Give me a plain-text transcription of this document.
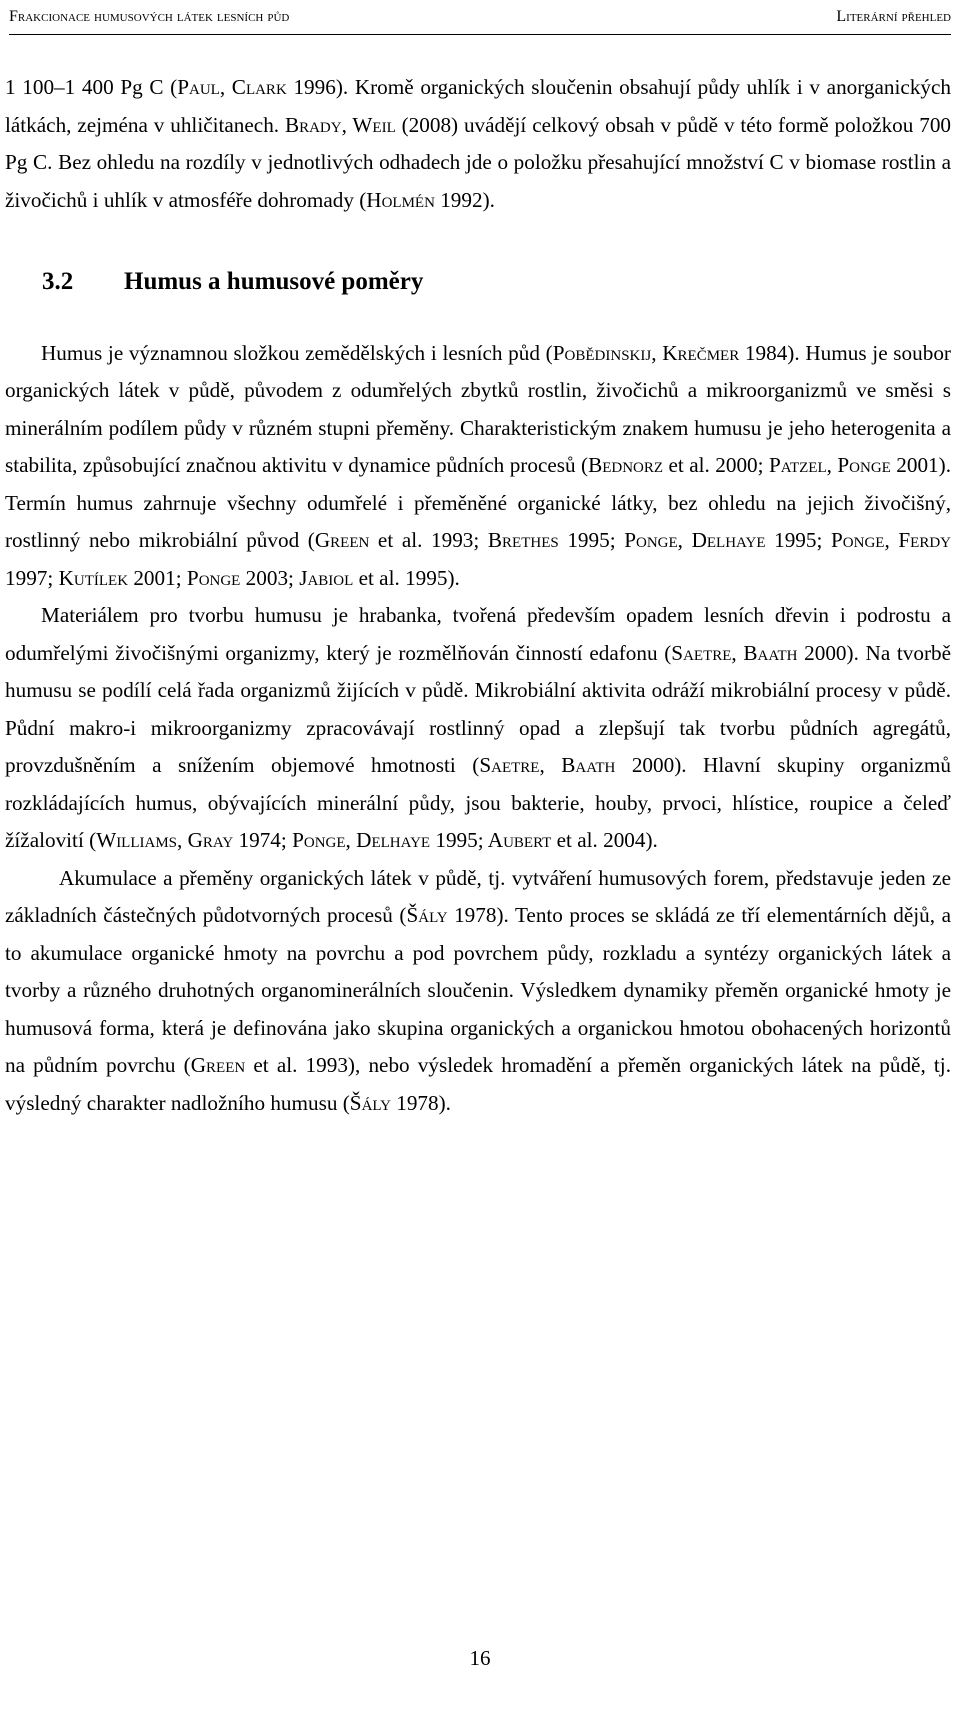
Frakcionace humusových látek lesních půd	Literární přehled

1 100–1 400 Pg C (Paul, Clark 1996). Kromě organických sloučenin obsahují půdy uhlík i v anorganických látkách, zejména v uhličitanech. Brady, Weil (2008) uvádějí celkový obsah v půdě v této formě položkou 700 Pg C. Bez ohledu na rozdíly v jednotlivých odhadech jde o položku přesahující množství C v biomase rostlin a živočichů i uhlík v atmosféře dohromady (Holmén 1992).

3.2 Humus a humusové poměry

Humus je významnou složkou zemědělských i lesních půd (Pobědinskij, Krečmer 1984). Humus je soubor organických látek v půdě, původem z odumřelých zbytků rostlin, živočichů a mikroorganizmů ve směsi s minerálním podílem půdy v různém stupni přeměny. Charakteristickým znakem humusu je jeho heterogenita a stabilita, způsobující značnou aktivitu v dynamice půdních procesů (Bednorz et al. 2000; Patzel, Ponge 2001). Termín humus zahrnuje všechny odumřelé i přeměněné organické látky, bez ohledu na jejich živočišný, rostlinný nebo mikrobiální původ (Green et al. 1993; Brethes 1995; Ponge, Delhaye 1995; Ponge, Ferdy 1997; Kutílek 2001; Ponge 2003; Jabiol et al. 1995).

Materiálem pro tvorbu humusu je hrabanka, tvořená především opadem lesních dřevin i podrostu a odumřelými živočišnými organizmy, který je rozmělňován činností edafonu (Saetre, Baath 2000). Na tvorbě humusu se podílí celá řada organizmů žijících v půdě. Mikrobiální aktivita odráží mikrobiální procesy v půdě. Půdní makro-i mikroorganizmy zpracovávají rostlinný opad a zlepšují tak tvorbu půdních agregátů, provzdušněním a snížením objemové hmotnosti (Saetre, Baath 2000). Hlavní skupiny organizmů rozkládajících humus, obývajících minerální půdy, jsou bakterie, houby, prvoci, hlístice, roupice a čeleď žížalovití (Williams, Gray 1974; Ponge, Delhaye 1995; Aubert et al. 2004).

Akumulace a přeměny organických látek v půdě, tj. vytváření humusových forem, představuje jeden ze základních částečných půdotvorných procesů (Šály 1978). Tento proces se skládá ze tří elementárních dějů, a to akumulace organické hmoty na povrchu a pod povrchem půdy, rozkladu a syntézy organických látek a tvorby a různého druhotných organominerálních sloučenin. Výsledkem dynamiky přeměn organické hmoty je humusová forma, která je definována jako skupina organických a organickou hmotou obohacených horizontů na půdním povrchu (Green et al. 1993), nebo výsledek hromadění a přeměn organických látek na půdě, tj. výsledný charakter nadložního humusu (Šály 1978).

16
